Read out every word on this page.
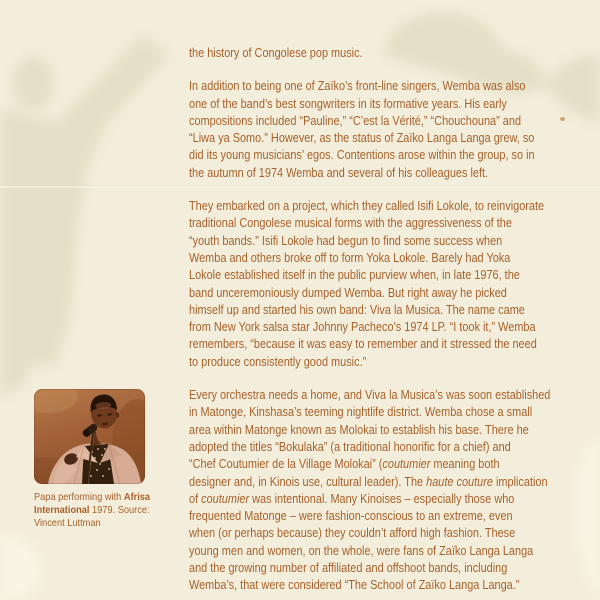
Papa performing with Afrisa
International 1979. Source:
Vincent Luttman
the history of Congolese pop music.
In addition to being one of Zaïko’s front-line singers, Wemba was also
one of the band’s best songwriters in its formative years. His early
compositions included “Pauline,” “C’est la Vérité,” “Chouchouna” and
“Liwa ya Somo.” However, as the status of Zaïko Langa Langa grew, so
did its young musicians’ egos. Contentions arose within the group, so in
the autumn of 1974 Wemba and several of his colleagues left.
They embarked on a project, which they called Isifi Lokole, to reinvigorate
traditional Congolese musical forms with the aggressiveness of the
“youth bands.” Isifi Lokole had begun to find some success when
Wemba and others broke off to form Yoka Lokole. Barely had Yoka
Lokole established itself in the public purview when, in late 1976, the
band unceremoniously dumped Wemba. But right away he picked
himself up and started his own band: Viva la Musica. The name came
from New York salsa star Johnny Pacheco’s 1974 LP. “I took it,” Wemba
remembers, “because it was easy to remember and it stressed the need
to produce consistently good music.”
Every orchestra needs a home, and Viva la Musica’s was soon established
in Matonge, Kinshasa’s teeming nightlife district. Wemba chose a small
area within Matonge known as Molokai to establish his base. There he
adopted the titles “Bokulaka” (a traditional honorific for a chief) and
“Chef Coutumier de la Village Molokai” (coutumier meaning both
designer and, in Kinois use, cultural leader). The haute couture implication
of coutumier was intentional. Many Kinoises – especially those who
frequented Matonge – were fashion-conscious to an extreme, even
when (or perhaps because) they couldn’t afford high fashion. These
young men and women, on the whole, were fans of Zaïko Langa Langa
and the growing number of affiliated and offshoot bands, including
Wemba’s, that were considered “The School of Zaïko Langa Langa.”
